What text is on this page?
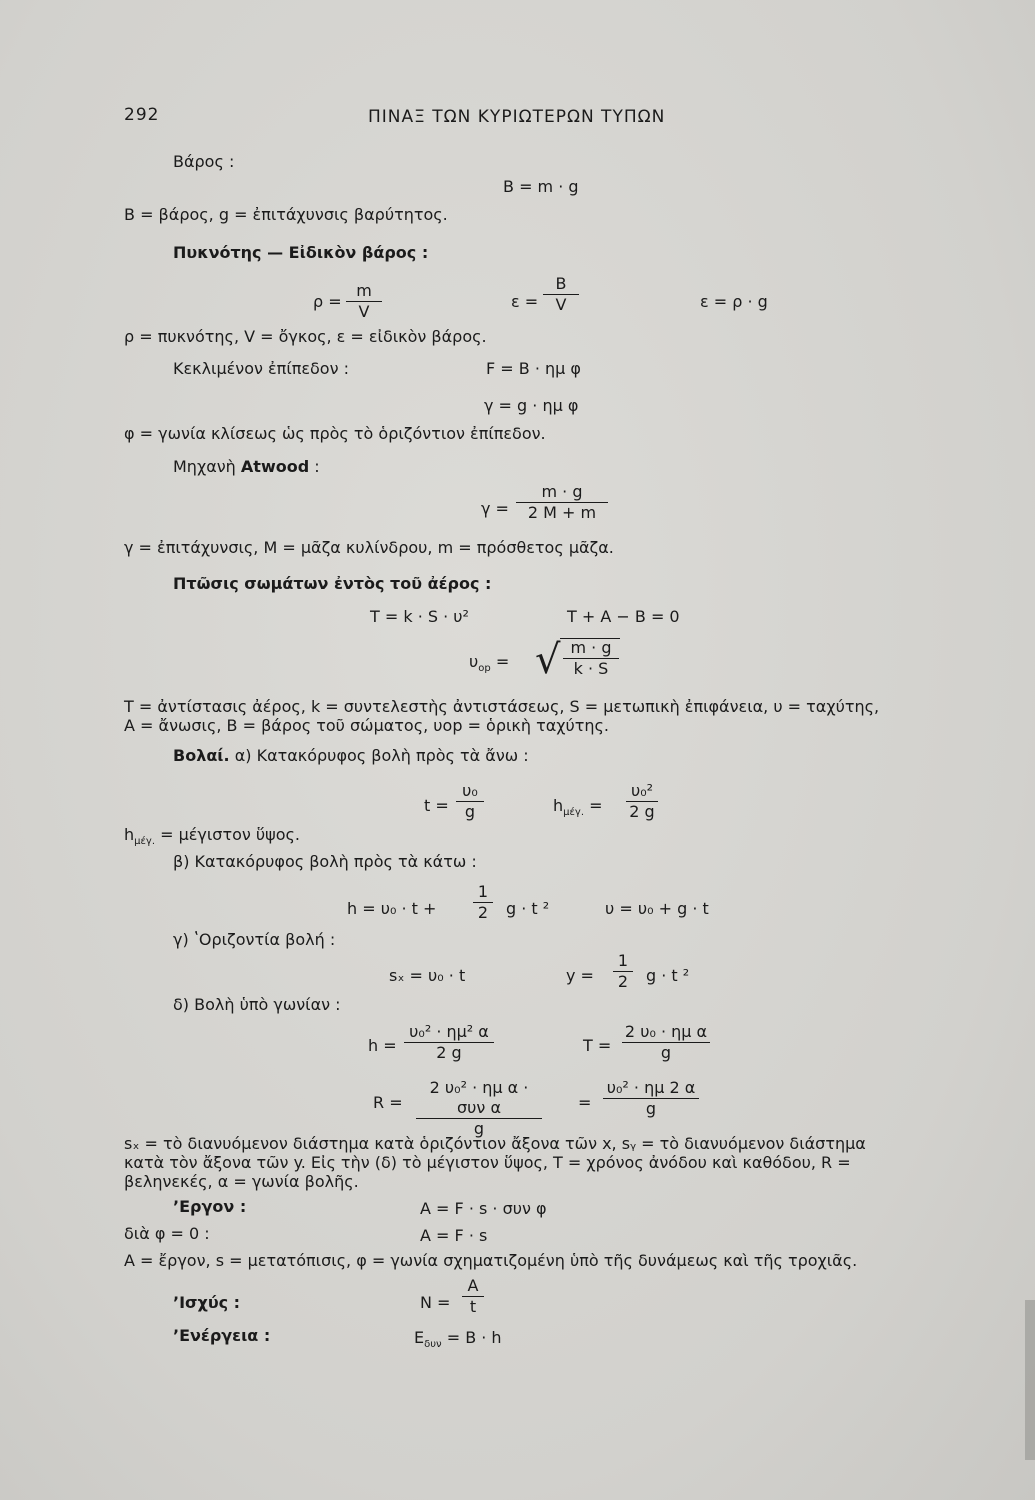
292	ΠΙΝΑΞ ΤΩΝ ΚΥΡΙΩΤΕΡΩΝ ΤΥΠΩΝ
Βάρος :
B = m · g
B = βάρος, g = ἐπιτάχυνσις βαρύτητος.
Πυκνότης — Εἰδικὸν βάρος :
ρ =
m
V
ε =
B
V	ε = ρ · g
ρ = πυκνότης, V = ὄγκος, ε = εἰδικὸν βάρος.
Κεκλιμένον ἐπίπεδον :	F = B · ημ φ
γ = g · ημ φ
φ = γωνία κλίσεως ὡς πρὸς τὸ ὁριζόντιον ἐπίπεδον.
Μηχανὴ Atwood :
γ =
m · g
2 M + m
γ = ἐπιτάχυνσις, M = μᾶζα κυλίνδρου, m = πρόσθετος μᾶζα.
Πτῶσις σωμάτων ἐντὸς τοῦ ἀέρος :
T = k · S · υ²	T + A − B = 0
$\upsilon_{op}$ = √ m · g
k · S
T = ἀντίστασις ἀέρος, k = συντελεστὴς ἀντιστάσεως, S = μετωπικὴ ἐπιφάνεια, υ = ταχύτης,
A = ἄνωσις, B = βάρος τοῦ σώματος, υop = ὁρικὴ ταχύτης.
Βολαί. α) Κατακόρυφος βολὴ πρὸς τὰ ἄνω :
t =
υ₀
g	$h_{\mu έ\gamma.}$ =
υ₀²
2 g
$h_{\mu έ\gamma.} = \mu έ\gamma\iota\sigma\tau o\nu$ ὕψος.
β) Κατακόρυφος βολὴ πρὸς τὰ κάτω :
h = υ₀ · t +
1
2	g · t ²	υ = υ₀ + g · t
γ) ʽΟριζοντία βολή :
sₓ = υ₀ · t	y =
1
2	g · t ²
δ) Βολὴ ὑπὸ γωνίαν :
h =
υ₀² · ημ² α
2 g	T =
2 υ₀ · ημ α
g
R =
2 υ₀² · ημ α · συν α
g
=
υ₀² · ημ 2 α
g
sₓ = τὸ διανυόμενον διάστημα κατὰ ὁριζόντιον ἄξονα τῶν x, sᵧ = τὸ διανυόμενον διάστημα
κατὰ τὸν ἄξονα τῶν y. Εἰς τὴν (δ) τὸ μέγιστον ὕψος, T = χρόνος ἀνόδου καὶ καθόδου, R =
βεληνεκές, α = γωνία βολῆς.
ʼΕργον :	A = F · s · συν φ
διὰ φ = 0 :	A = F · s
A = ἔργον, s = μετατόπισις, φ = γωνία σχηματιζομένη ὑπὸ τῆς δυνάμεως καὶ τῆς τροχιᾶς.
ʼΙσχύς :	N =
A
t
ʼΕνέργεια :	$E_{\delta\upsilon\nu} = B \cdot h$
